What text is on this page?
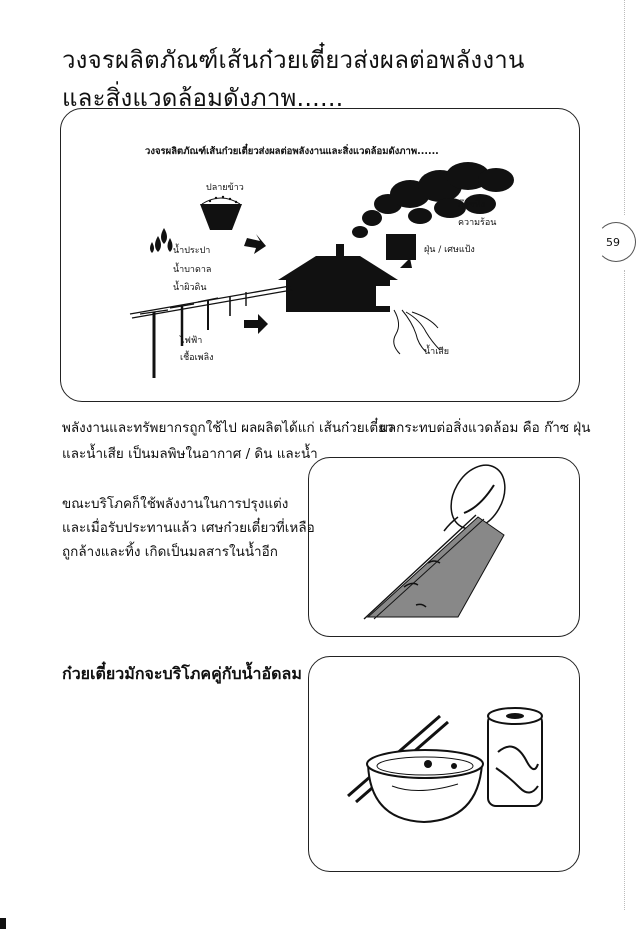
วงจรผลิตภัณฑ์เส้นก๋วยเตี๋ยวส่งผลต่อพลังงาน
และสิ่งแวดล้อมดังภาพ......
59
วงจรผลิตภัณฑ์เส้นก๋วยเตี๋ยวส่งผลต่อพลังงานและสิ่งแวดล้อมดังภาพ......
ปลายข้าว
น้ำประปา
น้ำบาดาล
น้ำผิวดิน
ไฟฟ้า
เชื้อเพลิง
ก๊าซทิ้ง
ความร้อน
ฝุ่น / เศษแป้ง
น้ำเสีย
พลังงานและทรัพยากรถูกใช้ไป ผลผลิตได้แก่ เส้นก๋วยเตี๋ยว
ผลกระทบต่อสิ่งแวดล้อม คือ ก๊าซ ฝุ่น
และน้ำเสีย เป็นมลพิษในอากาศ / ดิน และน้ำ
ขณะบริโภคก็ใช้พลังงานในการปรุงแต่ง
และเมื่อรับประทานแล้ว เศษก๋วยเตี๋ยวที่เหลือ
ถูกล้างและทิ้ง เกิดเป็นมลสารในน้ำอีก
ก๋วยเตี๋ยวมักจะบริโภคคู่กับน้ำอัดลม
